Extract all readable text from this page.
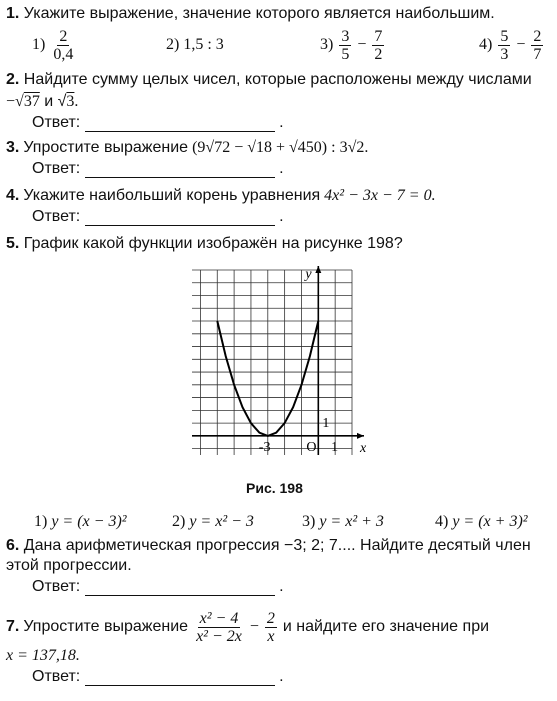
1. Укажите выражение, значение которого является наибольшим.
$1) \frac{2}{0,4}$	2) 1,5 : 3	$3) \frac{3}{5} - \frac{7}{2}$	$4) \frac{5}{3} - \frac{2}{7}$
2. Найдите сумму целых чисел, которые расположены между числами
−√37 и √3.
Ответ:	.
3. Упростите выражение (9√72 − √18 + √450) : 3√2.
Ответ:	.
4. Укажите наибольший корень уравнения 4x² − 3x − 7 = 0.
Ответ:	.
5. График какой функции изображён на рисунке 198?
x
y
O
-3	1
1
Рис. 198
1) y = (x − 3)²	2) y = x² − 3	3) y = x² + 3	4) y = (x + 3)²
6. Дана арифметическая прогрессия −3; 2; 7.... Найдите десятый член
этой прогрессии.
Ответ:	.
7. Упростите выражение $\frac{\text{x² − 4}}{\text{x² − 2x}} - \frac{2}{x}$ и найдите его значение при
x = 137,18.
Ответ:	.
